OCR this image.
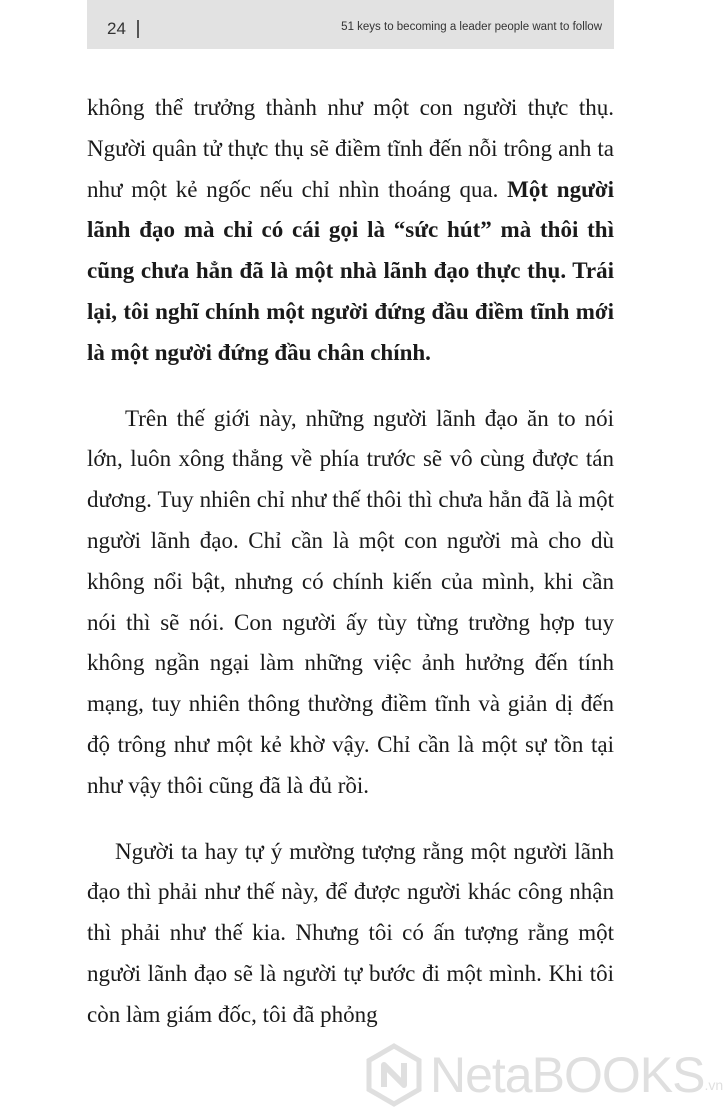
24	51 keys to becoming a leader people want to follow

không thể trưởng thành như một con người thực thụ. Người quân tử thực thụ sẽ điềm tĩnh đến nỗi trông anh ta như một kẻ ngốc nếu chỉ nhìn thoáng qua. Một người lãnh đạo mà chỉ có cái gọi là “sức hút” mà thôi thì cũng chưa hẳn đã là một nhà lãnh đạo thực thụ. Trái lại, tôi nghĩ chính một người đứng đầu điềm tĩnh mới là một người đứng đầu chân chính.

Trên thế giới này, những người lãnh đạo ăn to nói lớn, luôn xông thẳng về phía trước sẽ vô cùng được tán dương. Tuy nhiên chỉ như thế thôi thì chưa hẳn đã là một người lãnh đạo. Chỉ cần là một con người mà cho dù không nổi bật, nhưng có chính kiến của mình, khi cần nói thì sẽ nói. Con người ấy tùy từng trường hợp tuy không ngần ngại làm những việc ảnh hưởng đến tính mạng, tuy nhiên thông thường điềm tĩnh và giản dị đến độ trông như một kẻ khờ vậy. Chỉ cần là một sự tồn tại như vậy thôi cũng đã là đủ rồi.

Người ta hay tự ý mường tượng rằng một người lãnh đạo thì phải như thế này, để được người khác công nhận thì phải như thế kia. Nhưng tôi có ấn tượng rằng một người lãnh đạo sẽ là người tự bước đi một mình. Khi tôi còn làm giám đốc, tôi đã phỏng

NetaBOOKS .vn
